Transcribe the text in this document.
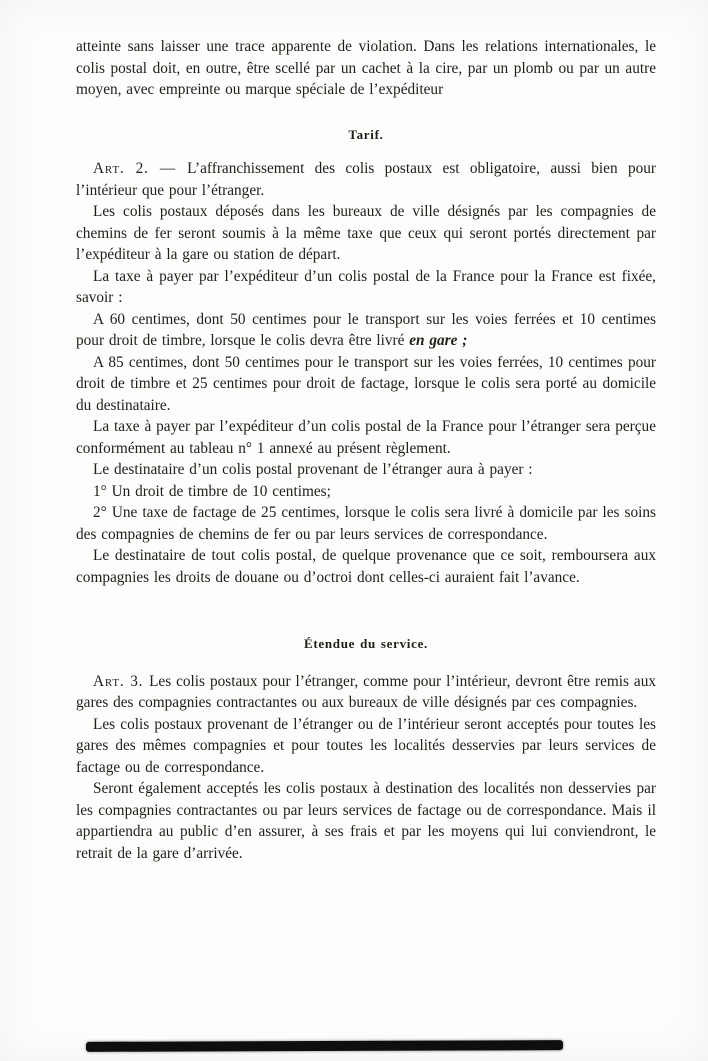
atteinte sans laisser une trace apparente de violation. Dans les relations internationales, le colis postal doit, en outre, être scellé par un cachet à la cire, par un plomb ou par un autre moyen, avec empreinte ou marque spéciale de l’expéditeur

Tarif.

Art. 2. — L’affranchissement des colis postaux est obligatoire, aussi bien pour l’intérieur que pour l’étranger.

Les colis postaux déposés dans les bureaux de ville désignés par les compagnies de chemins de fer seront soumis à la même taxe que ceux qui seront portés directement par l’expéditeur à la gare ou station de départ.

La taxe à payer par l’expéditeur d’un colis postal de la France pour la France est fixée, savoir :

A 60 centimes, dont 50 centimes pour le transport sur les voies ferrées et 10 centimes pour droit de timbre, lorsque le colis devra être livré en gare ;

A 85 centimes, dont 50 centimes pour le transport sur les voies ferrées, 10 centimes pour droit de timbre et 25 centimes pour droit de factage, lorsque le colis sera porté au domicile du destinataire.

La taxe à payer par l’expéditeur d’un colis postal de la France pour l’étranger sera perçue conformément au tableau n° 1 annexé au présent règlement.

Le destinataire d’un colis postal provenant de l’étranger aura à payer :

1° Un droit de timbre de 10 centimes;

2° Une taxe de factage de 25 centimes, lorsque le colis sera livré à domicile par les soins des compagnies de chemins de fer ou par leurs services de correspondance.

Le destinataire de tout colis postal, de quelque provenance que ce soit, remboursera aux compagnies les droits de douane ou d’octroi dont celles-ci auraient fait l’avance.

Étendue du service.

Art. 3. Les colis postaux pour l’étranger, comme pour l’intérieur, devront être remis aux gares des compagnies contractantes ou aux bureaux de ville désignés par ces compagnies.

Les colis postaux provenant de l’étranger ou de l’intérieur seront acceptés pour toutes les gares des mêmes compagnies et pour toutes les localités desservies par leurs services de factage ou de correspondance.

Seront également acceptés les colis postaux à destination des localités non desservies par les compagnies contractantes ou par leurs services de factage ou de correspondance. Mais il appartiendra au public d’en assurer, à ses frais et par les moyens qui lui conviendront, le retrait de la gare d’arrivée.
